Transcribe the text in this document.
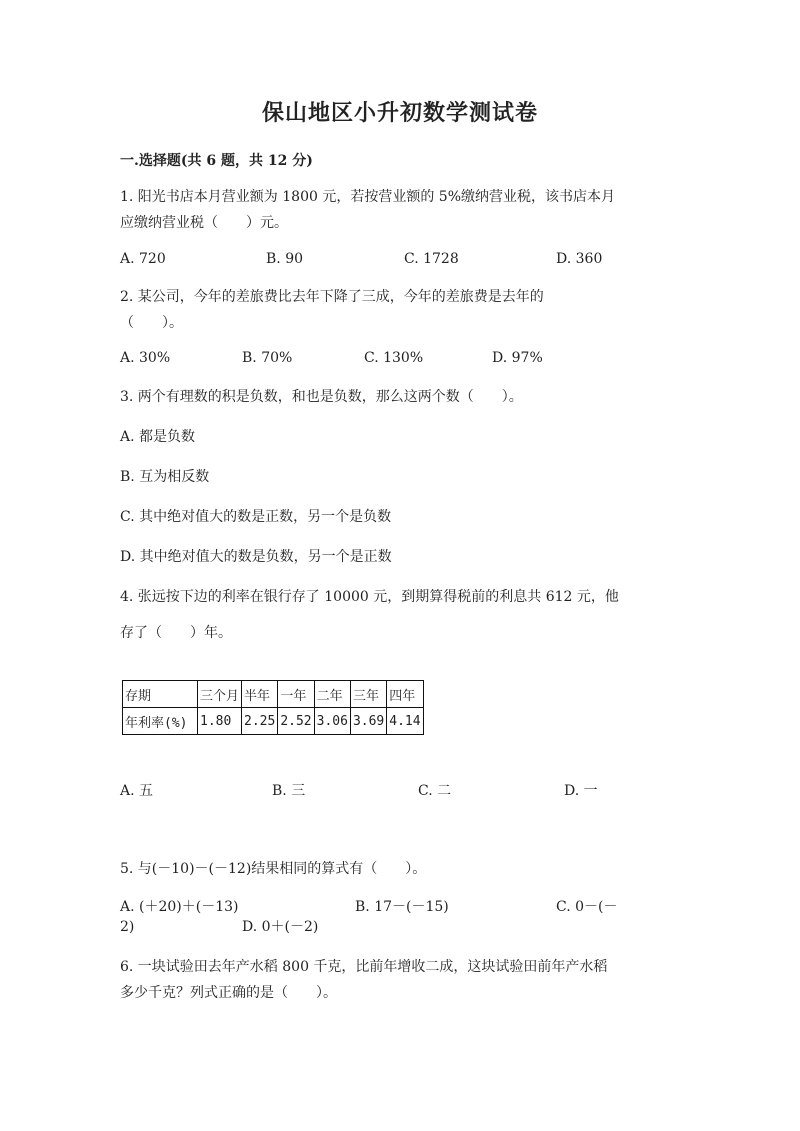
保山地区小升初数学测试卷
一.选择题(共 6 题，共 12 分)
1. 阳光书店本月营业额为 1800 元，若按营业额的 5%缴纳营业税，该书店本月
应缴纳营业税（　　）元。
A. 720	B. 90	C. 1728	D. 360
2. 某公司，今年的差旅费比去年下降了三成，今年的差旅费是去年的
（　　）。
A. 30%	B. 70%	C. 130%	D. 97%
3. 两个有理数的积是负数，和也是负数，那么这两个数（　　）。
A. 都是负数
B. 互为相反数
C. 其中绝对值大的数是正数，另一个是负数
D. 其中绝对值大的数是负数，另一个是正数
4. 张远按下边的利率在银行存了 10000 元，到期算得税前的利息共 612 元，他
存了（　　）年。
存期	三个月	半年	一年	二年	三年	四年
年利率(%)	1.80	2.25	2.52	3.06	3.69	4.14
A. 五	B. 三	C. 二	D. 一
5. 与(－10)－(－12)结果相同的算式有（　　）。
A. (＋20)＋(－13)	B. 17－(－15)	C. 0－(－
2)	D. 0＋(－2)
6. 一块试验田去年产水稻 800 千克，比前年增收二成，这块试验田前年产水稻
多少千克？列式正确的是（　　）。
